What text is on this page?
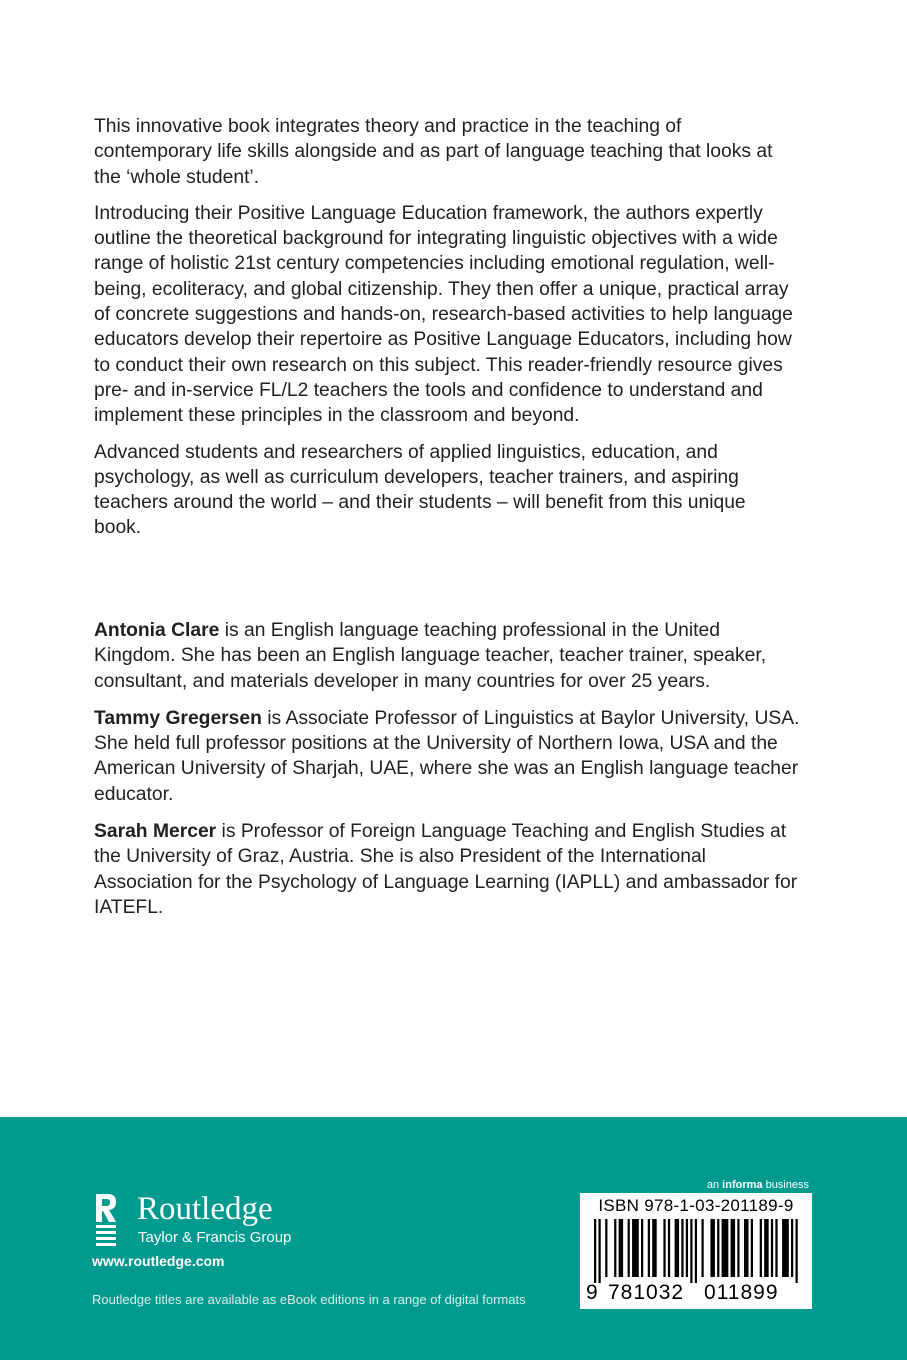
This innovative book integrates theory and practice in the teaching of contemporary life skills alongside and as part of language teaching that looks at the ‘whole student’.

Introducing their Positive Language Education framework, the authors expertly outline the theoretical background for integrating linguistic objectives with a wide range of holistic 21st century competencies including emotional regulation, well-being, ecoliteracy, and global citizenship. They then offer a unique, practical array of concrete suggestions and hands-on, research-based activities to help language educators develop their repertoire as Positive Language Educators, including how to conduct their own research on this subject. This reader-friendly resource gives pre- and in-service FL/L2 teachers the tools and confidence to understand and implement these principles in the classroom and beyond.

Advanced students and researchers of applied linguistics, education, and psychology, as well as curriculum developers, teacher trainers, and aspiring teachers around the world – and their students – will benefit from this unique book.

Antonia Clare is an English language teaching professional in the United Kingdom. She has been an English language teacher, teacher trainer, speaker, consultant, and materials developer in many countries for over 25 years.

Tammy Gregersen is Associate Professor of Linguistics at Baylor University, USA. She held full professor positions at the University of Northern Iowa, USA and the American University of Sharjah, UAE, where she was an English language teacher educator.

Sarah Mercer is Professor of Foreign Language Teaching and English Studies at the University of Graz, Austria. She is also President of the International Association for the Psychology of Language Learning (IAPLL) and ambassador for IATEFL.

Routledge
Taylor & Francis Group
www.routledge.com
Routledge titles are available as eBook editions in a range of digital formats
an informa business
ISBN 978-1-03-201189-9
9 781032 011899
